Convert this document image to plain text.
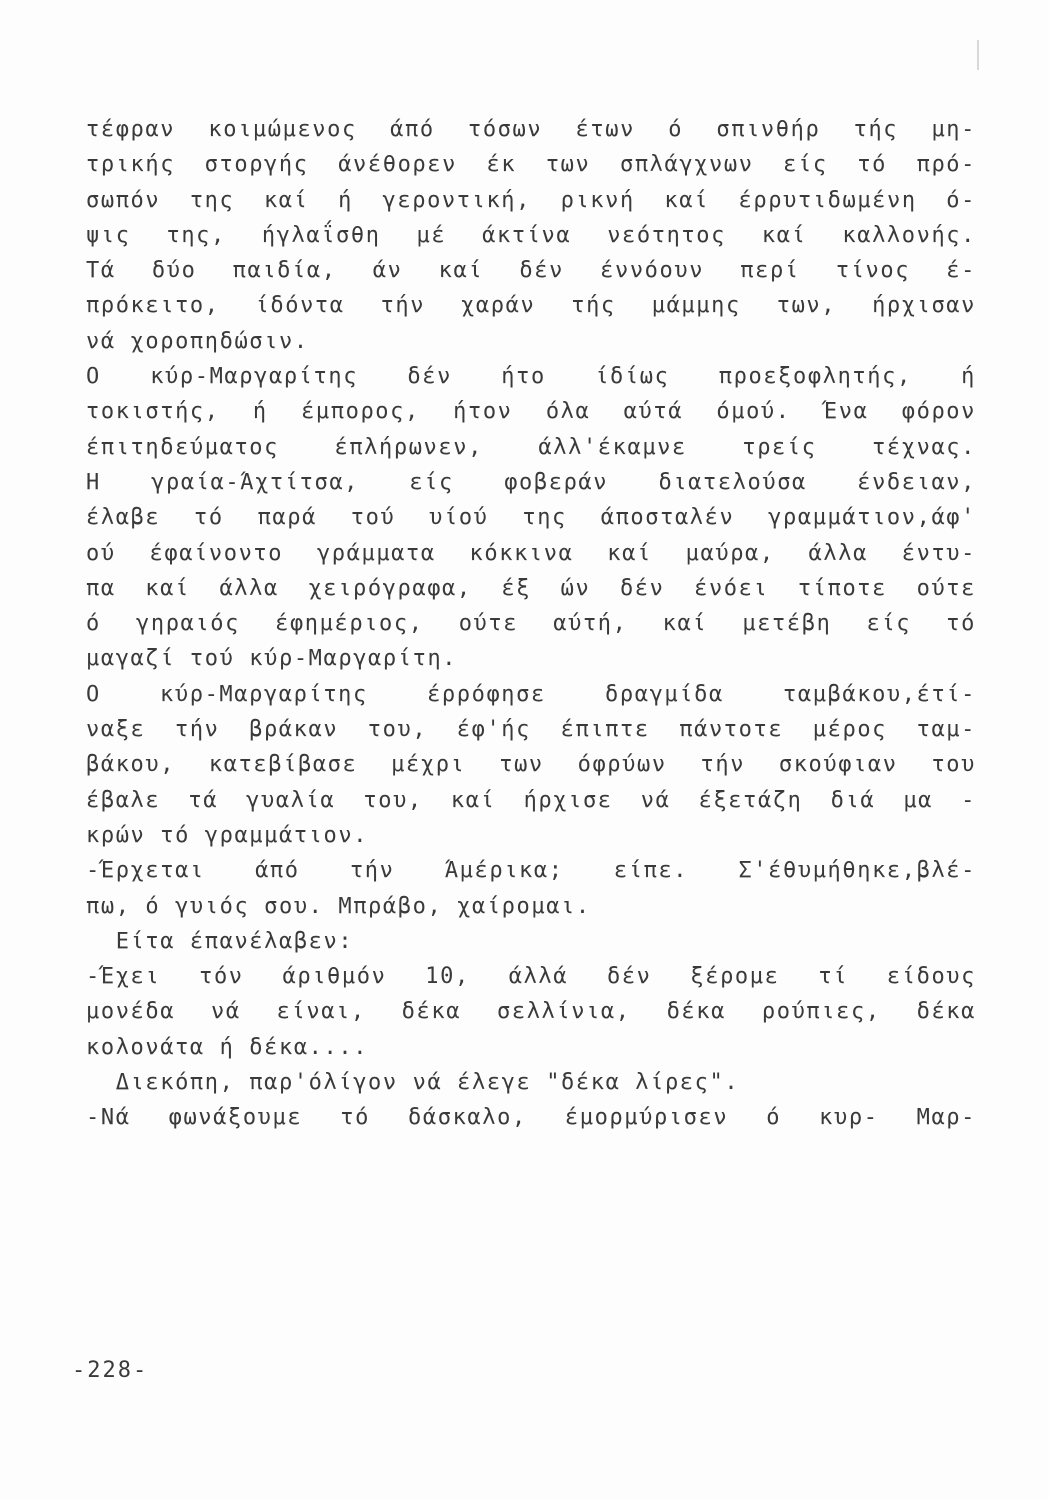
τέφραν κοιμώμενος άπό τόσων έτων ό σπινθήρ τής μη-
τρικής στοργής άνέθορεν έκ των σπλάγχνων είς τό πρό-
σωπόν της καί ή γεροντική, ρικνή καί έρρυτιδωμένη ό-
ψις της, ήγλαΐσθη μέ άκτίνα νεότητος καί καλλονής.
Τά δύο παιδία, άν καί δέν έννόουν περί τίνος έ-
πρόκειτο, ίδόντα τήν χαράν τής μάμμης των, ήρχισαν
νά χοροπηδώσιν.
Ο κύρ-Μαργαρίτης δέν ήτο ίδίως προεξοφλητής, ή
τοκιστής, ή έμπορος, ήτον όλα αύτά όμού. Ένα φόρον
έπιτηδεύματος έπλήρωνεν, άλλ'έκαμνε τρείς τέχνας.
Η γραία-Άχτίτσα, είς φοβεράν διατελούσα ένδειαν,
έλαβε τό παρά τού υίού της άποσταλέν γραμμάτιον,άφ'
ού έφαίνοντο γράμματα κόκκινα καί μαύρα, άλλα έντυ-
πα καί άλλα χειρόγραφα, έξ ών δέν ένόει τίποτε ούτε
ό γηραιός έφημέριος, ούτε αύτή, καί μετέβη είς τό
μαγαζί τού κύρ-Μαργαρίτη.
Ο κύρ-Μαργαρίτης έρρόφησε δραγμίδα ταμβάκου,έτί-
ναξε τήν βράκαν του, έφ'ής έπιπτε πάντοτε μέρος ταμ-
βάκου, κατεβίβασε μέχρι των όφρύων τήν σκούφιαν του
έβαλε τά γυαλία του, καί ήρχισε νά έξετάζη διά μα -
κρών τό γραμμάτιον.
-Έρχεται άπό τήν Άμέρικα; είπε. Σ'έθυμήθηκε,βλέ-
πω, ό γυιός σου. Μπράβο, χαίρομαι.
Είτα έπανέλαβεν:
-Έχει τόν άριθμόν 10, άλλά δέν ξέρομε τί είδους
μονέδα νά είναι, δέκα σελλίνια, δέκα ρούπιες, δέκα
κολονάτα ή δέκα....
Διεκόπη, παρ'όλίγον νά έλεγε "δέκα λίρες".
-Νά φωνάξουμε τό δάσκαλο, έμορμύρισεν ό κυρ- Μαρ-
-228-
